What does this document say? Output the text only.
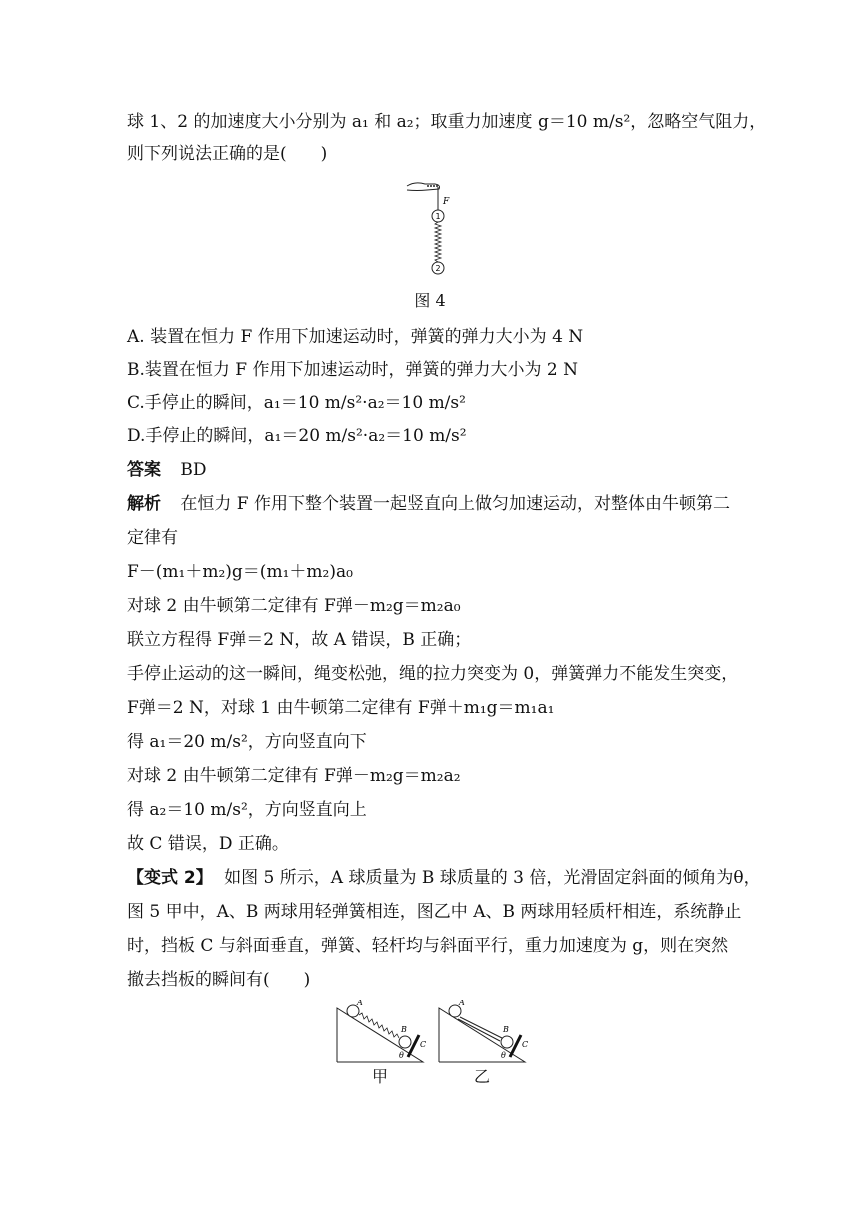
球 1、2 的加速度大小分别为 a₁ 和 a₂；取重力加速度 g＝10 m/s²，忽略空气阻力，
则下列说法正确的是(　　)
F
1
2
图 4
A. 装置在恒力 F 作用下加速运动时，弹簧的弹力大小为 4 N
B.装置在恒力 F 作用下加速运动时，弹簧的弹力大小为 2 N
C.手停止的瞬间，a₁＝10 m/s²·a₂＝10 m/s²
D.手停止的瞬间，a₁＝20 m/s²·a₂＝10 m/s²
答案 BD
解析 在恒力 F 作用下整个装置一起竖直向上做匀加速运动，对整体由牛顿第二
定律有
F－(m₁＋m₂)g＝(m₁＋m₂)a₀
对球 2 由牛顿第二定律有 F弹－m₂g＝m₂a₀
联立方程得 F弹＝2 N，故 A 错误，B 正确；
手停止运动的这一瞬间，绳变松弛，绳的拉力突变为 0，弹簧弹力不能发生突变，
F弹＝2 N，对球 1 由牛顿第二定律有 F弹＋m₁g＝m₁a₁
得 a₁＝20 m/s²，方向竖直向下
对球 2 由牛顿第二定律有 F弹－m₂g＝m₂a₂
得 a₂＝10 m/s²，方向竖直向上
故 C 错误，D 正确。
【变式 2】 如图 5 所示，A 球质量为 B 球质量的 3 倍，光滑固定斜面的倾角为θ，
图 5 甲中，A、B 两球用轻弹簧相连，图乙中 A、B 两球用轻质杆相连，系统静止
时，挡板 C 与斜面垂直，弹簧、轻杆均与斜面平行，重力加速度为 g，则在突然
撤去挡板的瞬间有(　　)
A
B
C
θ
甲
A
B
C
θ
乙
